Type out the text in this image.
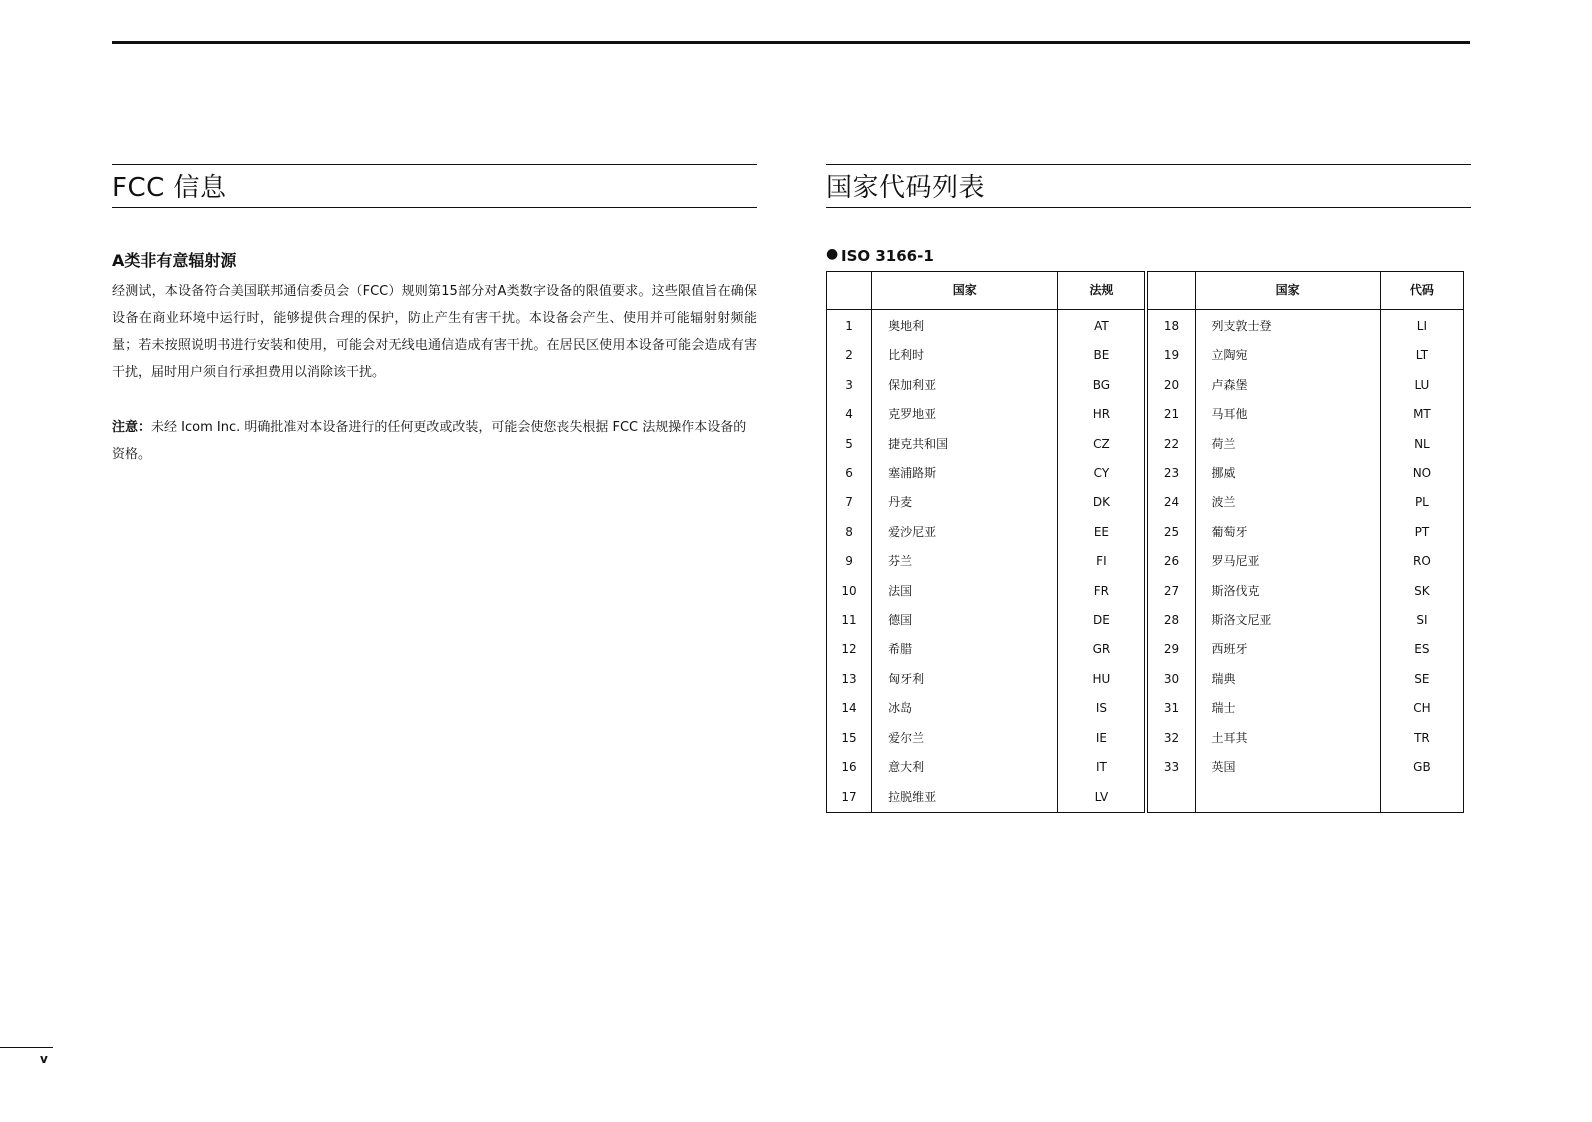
FCC 信息
A类非有意辐射源
经测试，本设备符合美国联邦通信委员会（FCC）规则第15部分对A类数字设备的限值要求。这些限值旨在确保设备在商业环境中运行时，能够提供合理的保护，防止产生有害干扰。本设备会产生、使用并可能辐射射频能量；若未按照说明书进行安装和使用，可能会对无线电通信造成有害干扰。在居民区使用本设备可能会造成有害干扰，届时用户须自行承担费用以消除该干扰。
注意：未经 Icom Inc. 明确批准对本设备进行的任何更改或改装，可能会使您丧失根据 FCC 法规操作本设备的资格。
国家代码列表
● ISO 3166-1
	国家	法规		国家	代码
1	奥地利	AT	18	列支敦士登	LI
2	比利时	BE	19	立陶宛	LT
3	保加利亚	BG	20	卢森堡	LU
4	克罗地亚	HR	21	马耳他	MT
5	捷克共和国	CZ	22	荷兰	NL
6	塞浦路斯	CY	23	挪威	NO
7	丹麦	DK	24	波兰	PL
8	爱沙尼亚	EE	25	葡萄牙	PT
9	芬兰	FI	26	罗马尼亚	RO
10	法国	FR	27	斯洛伐克	SK
11	德国	DE	28	斯洛文尼亚	SI
12	希腊	GR	29	西班牙	ES
13	匈牙利	HU	30	瑞典	SE
14	冰岛	IS	31	瑞士	CH
15	爱尔兰	IE	32	土耳其	TR
16	意大利	IT	33	英国	GB
17	拉脱维亚	LV			
v
